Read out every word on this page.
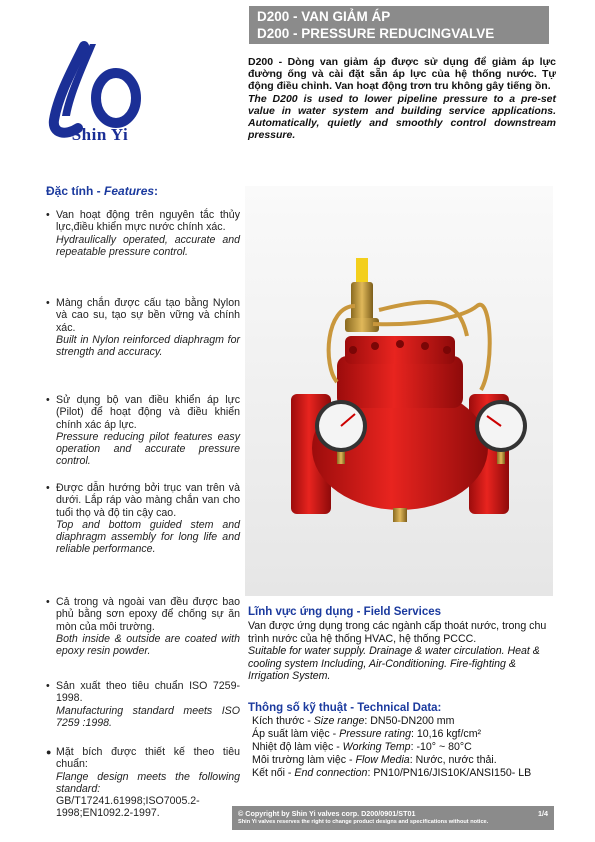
D200 - VAN GIẢM ÁP
D200 - PRESSURE REDUCINGVALVE
Shin Yi
D200 - Dòng van giảm áp được sử dụng để giảm áp lực đường ống và cài đặt sẵn áp lực của hệ thống nước. Tự động điều chỉnh. Van hoạt động trơn tru không gây tiếng ồn.
The D200 is used to lower pipeline pressure to a pre-set value in water system and building service applications. Automatically, quietly and smoothly control downstream pressure.
Đặc tính - Features:
• Van hoạt động trên nguyên tắc thủy lực,điều khiển mực nước chính xác.
Hydraulically operated, accurate and repeatable pressure control.
• Màng chắn được cấu tạo bằng Nylon và cao su, tạo sự bền vững và chính xác.
Built in Nylon reinforced diaphragm for strength and accuracy.
• Sử dụng bộ van điều khiển áp lực (Pilot) để hoạt động và điều khiển chính xác áp lực.
Pressure reducing pilot features easy operation and accurate pressure control.
• Được dẫn hướng bởi trục van trên và dưới. Lắp ráp vào màng chắn van cho tuổi thọ và độ tin cậy cao.
Top and bottom guided stem and diaphragm assembly for long life and reliable performance.
• Cả trong và ngoài van đều được bao phủ bằng sơn epoxy để chống sự ăn mòn của môi trường.
Both inside & outside are coated with epoxy resin powder.
• Sản xuất theo tiêu chuẩn ISO 7259-1998.
Manufacturing standard meets ISO 7259 :1998.
● Mặt bích được thiết kế theo tiêu chuẩn:
Flange design meets the following standard:
GB/T17241.61998;ISO7005.2-1998;EN1092.2-1997.
Lĩnh vực ứng dụng - Field Services
Van được ứng dụng trong các ngành cấp thoát nước, trong chu trình nước của hệ thống HVAC, hệ thống PCCC.
Suitable for water supply. Drainage & water circulation. Heat & cooling system Including, Air-Conditioning. Fire-fighting & Irrigation System.
Thông số kỹ thuật - Technical Data:
Kích thước - Size range: DN50-DN200 mm
Áp suất làm việc - Pressure rating: 10,16 kgf/cm²
Nhiệt độ làm việc - Working Temp: -10° ~ 80°C
Môi trường làm việc - Flow Media: Nước, nước thải.
Kết nối - End connection: PN10/PN16/JIS10K/ANSI150- LB
© Copyright by Shin Yi valves corp. D200/0901/ST01	1/4
Shin Yi valves reserves the right to change product designs and specifications without notice.
